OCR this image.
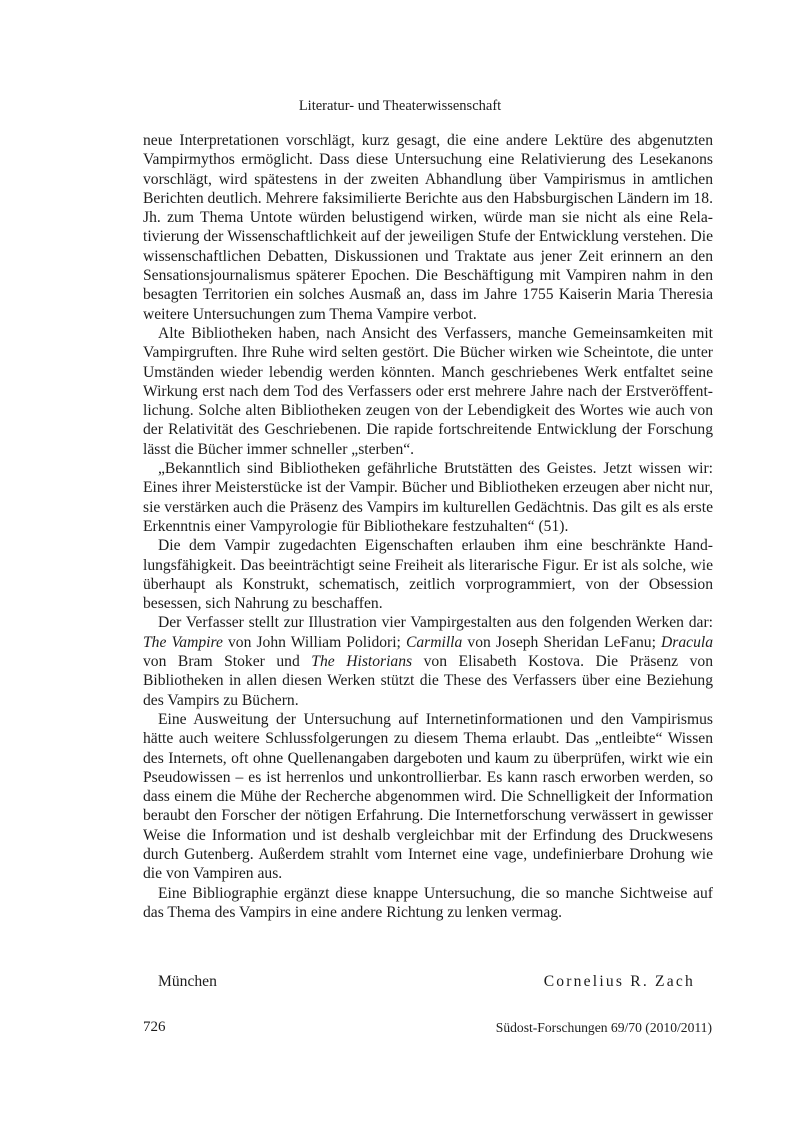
Literatur- und Theaterwissenschaft

neue Interpretationen vorschlägt, kurz gesagt, die eine andere Lektüre des abgenutzten Vampirmythos ermöglicht. Dass diese Untersuchung eine Relativierung des Lesekanons vorschlägt, wird spätestens in der zweiten Abhandlung über Vampirismus in amtlichen Berichten deutlich. Mehrere faksimilierte Berichte aus den Habsburgischen Ländern im 18. Jh. zum Thema Untote würden belustigend wirken, würde man sie nicht als eine Relativierung der Wissenschaftlichkeit auf der jeweiligen Stufe der Entwicklung verstehen. Die wissenschaftlichen Debatten, Diskussionen und Traktate aus jener Zeit erinnern an den Sensationsjournalismus späterer Epochen. Die Beschäftigung mit Vampiren nahm in den besagten Territorien ein solches Ausmaß an, dass im Jahre 1755 Kaiserin Maria Theresia weitere Untersuchungen zum Thema Vampire verbot.

Alte Bibliotheken haben, nach Ansicht des Verfassers, manche Gemeinsamkeiten mit Vampirgruften. Ihre Ruhe wird selten gestört. Die Bücher wirken wie Scheintote, die unter Umständen wieder lebendig werden könnten. Manch geschriebenes Werk entfaltet seine Wirkung erst nach dem Tod des Verfassers oder erst mehrere Jahre nach der Erstveröffentlichung. Solche alten Bibliotheken zeugen von der Lebendigkeit des Wortes wie auch von der Relativität des Geschriebenen. Die rapide fortschreitende Entwicklung der Forschung lässt die Bücher immer schneller „sterben“.

„Bekanntlich sind Bibliotheken gefährliche Brutstätten des Geistes. Jetzt wissen wir: Eines ihrer Meisterstücke ist der Vampir. Bücher und Bibliotheken erzeugen aber nicht nur, sie verstärken auch die Präsenz des Vampirs im kulturellen Gedächtnis. Das gilt es als erste Erkenntnis einer Vampyrologie für Bibliothekare festzuhalten“ (51).

Die dem Vampir zugedachten Eigenschaften erlauben ihm eine beschränkte Handlungsfähigkeit. Das beeinträchtigt seine Freiheit als literarische Figur. Er ist als solche, wie überhaupt als Konstrukt, schematisch, zeitlich vorprogrammiert, von der Obsession besessen, sich Nahrung zu beschaffen.

Der Verfasser stellt zur Illustration vier Vampirgestalten aus den folgenden Werken dar: The Vampire von John William Polidori; Carmilla von Joseph Sheridan LeFanu; Dracula von Bram Stoker und The Historians von Elisabeth Kostova. Die Präsenz von Bibliotheken in allen diesen Werken stützt die These des Verfassers über eine Beziehung des Vampirs zu Büchern.

Eine Ausweitung der Untersuchung auf Internetinformationen und den Vampirismus hätte auch weitere Schlussfolgerungen zu diesem Thema erlaubt. Das „entleibte“ Wissen des Internets, oft ohne Quellenangaben dargeboten und kaum zu überprüfen, wirkt wie ein Pseudowissen – es ist herrenlos und unkontrollierbar. Es kann rasch erworben werden, so dass einem die Mühe der Recherche abgenommen wird. Die Schnelligkeit der Information beraubt den Forscher der nötigen Erfahrung. Die Internetforschung verwässert in gewisser Weise die Information und ist deshalb vergleichbar mit der Erfindung des Druckwesens durch Gutenberg. Außerdem strahlt vom Internet eine vage, undefinierbare Drohung wie die von Vampiren aus.

Eine Bibliographie ergänzt diese knappe Untersuchung, die so manche Sichtweise auf das Thema des Vampirs in eine andere Richtung zu lenken vermag.

München	Cornelius R. Zach
726	Südost-Forschungen 69/70 (2010/2011)
